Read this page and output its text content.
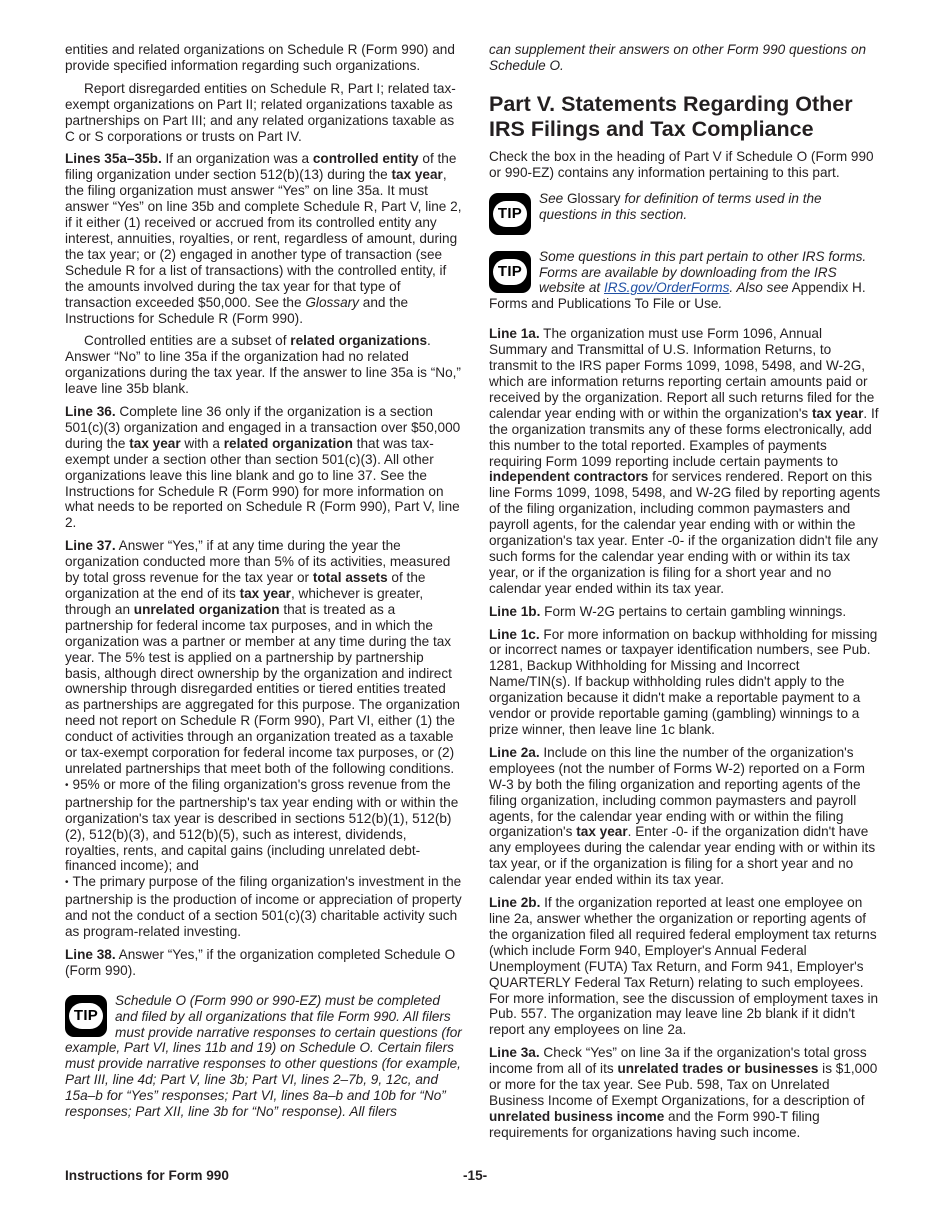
entities and related organizations on Schedule R (Form 990) and provide specified information regarding such organizations.

Report disregarded entities on Schedule R, Part I; related tax-exempt organizations on Part II; related organizations taxable as partnerships on Part III; and any related organizations taxable as C or S corporations or trusts on Part IV.

Lines 35a–35b. If an organization was a controlled entity of the filing organization under section 512(b)(13) during the tax year, the filing organization must answer “Yes” on line 35a. It must answer “Yes” on line 35b and complete Schedule R, Part V, line 2, if it either (1) received or accrued from its controlled entity any interest, annuities, royalties, or rent, regardless of amount, during the tax year; or (2) engaged in another type of transaction (see Schedule R for a list of transactions) with the controlled entity, if the amounts involved during the tax year for that type of transaction exceeded $50,000. See the Glossary and the Instructions for Schedule R (Form 990).

Controlled entities are a subset of related organizations. Answer “No” to line 35a if the organization had no related organizations during the tax year. If the answer to line 35a is “No,” leave line 35b blank.

Line 36. Complete line 36 only if the organization is a section 501(c)(3) organization and engaged in a transaction over $50,000 during the tax year with a related organization that was tax-exempt under a section other than section 501(c)(3). All other organizations leave this line blank and go to line 37. See the Instructions for Schedule R (Form 990) for more information on what needs to be reported on Schedule R (Form 990), Part V, line 2.

Line 37. Answer “Yes,” if at any time during the year the organization conducted more than 5% of its activities, measured by total gross revenue for the tax year or total assets of the organization at the end of its tax year, whichever is greater, through an unrelated organization that is treated as a partnership for federal income tax purposes, and in which the organization was a partner or member at any time during the tax year. The 5% test is applied on a partnership by partnership basis, although direct ownership by the organization and indirect ownership through disregarded entities or tiered entities treated as partnerships are aggregated for this purpose. The organization need not report on Schedule R (Form 990), Part VI, either (1) the conduct of activities through an organization treated as a taxable or tax-exempt corporation for federal income tax purposes, or (2) unrelated partnerships that meet both of the following conditions.

• 95% or more of the filing organization's gross revenue from the partnership for the partnership's tax year ending with or within the organization's tax year is described in sections 512(b)(1), 512(b)(2), 512(b)(3), and 512(b)(5), such as interest, dividends, royalties, rents, and capital gains (including unrelated debt-financed income); and

• The primary purpose of the filing organization's investment in the partnership is the production of income or appreciation of property and not the conduct of a section 501(c)(3) charitable activity such as program-related investing.

Line 38. Answer “Yes,” if the organization completed Schedule O (Form 990).

TIP
Schedule O (Form 990 or 990-EZ) must be completed and filed by all organizations that file Form 990. All filers must provide narrative responses to certain questions (for example, Part VI, lines 11b and 19) on Schedule O. Certain filers must provide narrative responses to other questions (for example, Part III, line 4d; Part V, line 3b; Part VI, lines 2–7b, 9, 12c, and 15a–b for “Yes” responses; Part VI, lines 8a–b and 10b for “No” responses; Part XII, line 3b for “No” response). All filers

can supplement their answers on other Form 990 questions on Schedule O.

Part V. Statements Regarding Other IRS Filings and Tax Compliance

Check the box in the heading of Part V if Schedule O (Form 990 or 990-EZ) contains any information pertaining to this part.

TIP
See Glossary for definition of terms used in the questions in this section.
TIP
Some questions in this part pertain to other IRS forms. Forms are available by downloading from the IRS website at IRS.gov/OrderForms. Also see Appendix H. Forms and Publications To File or Use.

Line 1a. The organization must use Form 1096, Annual Summary and Transmittal of U.S. Information Returns, to transmit to the IRS paper Forms 1099, 1098, 5498, and W-2G, which are information returns reporting certain amounts paid or received by the organization. Report all such returns filed for the calendar year ending with or within the organization's tax year. If the organization transmits any of these forms electronically, add this number to the total reported. Examples of payments requiring Form 1099 reporting include certain payments to independent contractors for services rendered. Report on this line Forms 1099, 1098, 5498, and W-2G filed by reporting agents of the filing organization, including common paymasters and payroll agents, for the calendar year ending with or within the organization's tax year. Enter -0- if the organization didn't file any such forms for the calendar year ending with or within its tax year, or if the organization is filing for a short year and no calendar year ended within its tax year.

Line 1b. Form W-2G pertains to certain gambling winnings.

Line 1c. For more information on backup withholding for missing or incorrect names or taxpayer identification numbers, see Pub. 1281, Backup Withholding for Missing and Incorrect Name/TIN(s). If backup withholding rules didn't apply to the organization because it didn't make a reportable payment to a vendor or provide reportable gaming (gambling) winnings to a prize winner, then leave line 1c blank.

Line 2a. Include on this line the number of the organization's employees (not the number of Forms W-2) reported on a Form W-3 by both the filing organization and reporting agents of the filing organization, including common paymasters and payroll agents, for the calendar year ending with or within the filing organization's tax year. Enter -0- if the organization didn't have any employees during the calendar year ending with or within its tax year, or if the organization is filing for a short year and no calendar year ended within its tax year.

Line 2b. If the organization reported at least one employee on line 2a, answer whether the organization or reporting agents of the organization filed all required federal employment tax returns (which include Form 940, Employer's Annual Federal Unemployment (FUTA) Tax Return, and Form 941, Employer's QUARTERLY Federal Tax Return) relating to such employees. For more information, see the discussion of employment taxes in Pub. 557. The organization may leave line 2b blank if it didn't report any employees on line 2a.

Line 3a. Check “Yes” on line 3a if the organization's total gross income from all of its unrelated trades or businesses is $1,000 or more for the tax year. See Pub. 598, Tax on Unrelated Business Income of Exempt Organizations, for a description of unrelated business income and the Form 990-T filing requirements for organizations having such income.

Instructions for Form 990	-15-
